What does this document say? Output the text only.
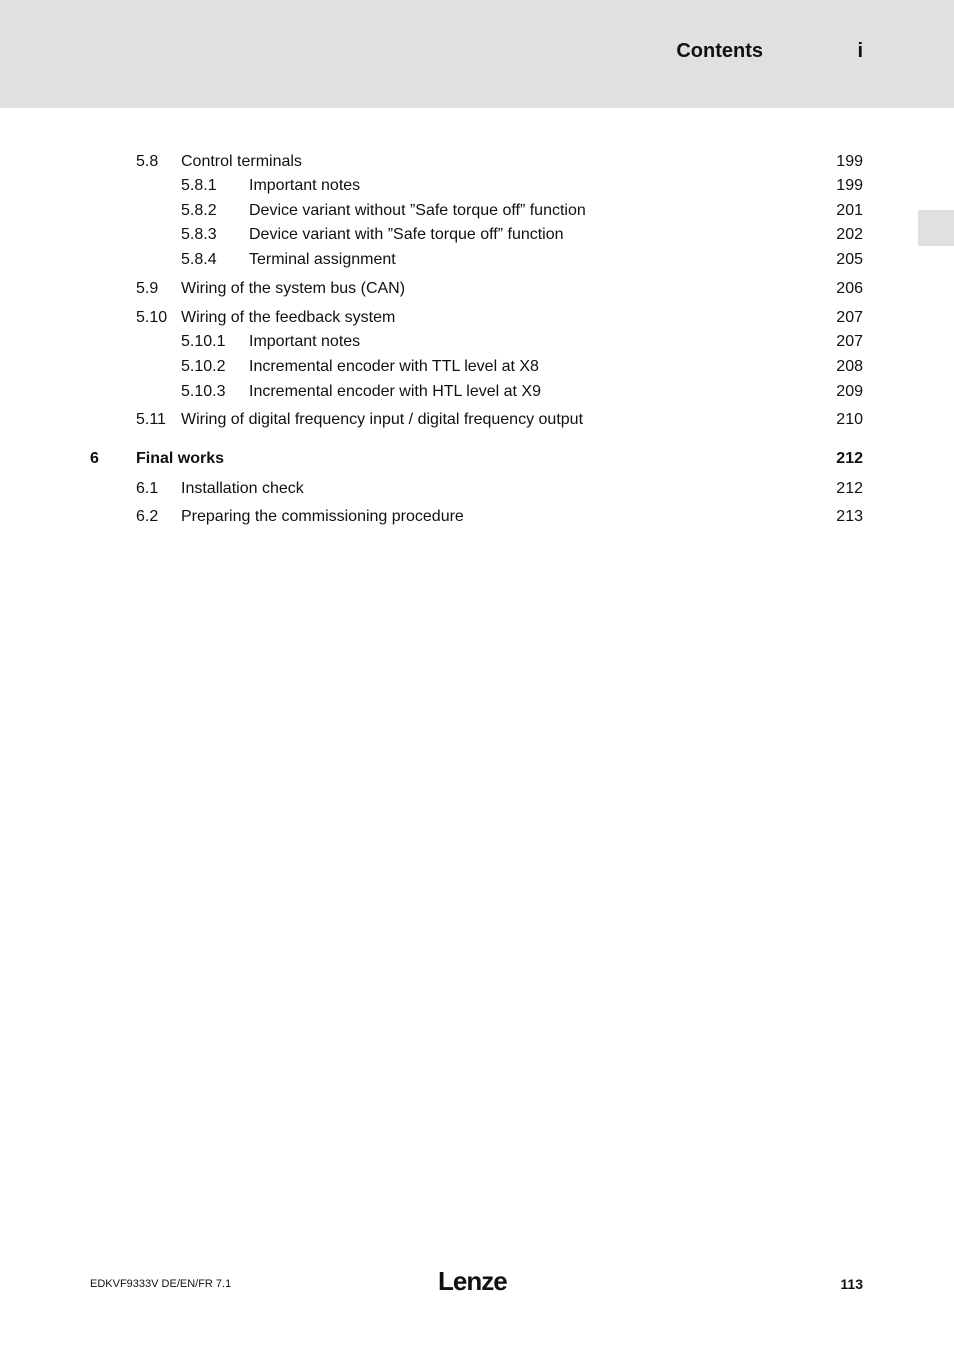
Contents	i
5.8 Control terminals	199
5.8.1 Important notes	199
5.8.2 Device variant without ”Safe torque off” function	201
5.8.3 Device variant with ”Safe torque off” function	202
5.8.4 Terminal assignment	205
5.9 Wiring of the system bus (CAN)	206
5.10 Wiring of the feedback system	207
5.10.1 Important notes	207
5.10.2 Incremental encoder with TTL level at X8	208
5.10.3 Incremental encoder with HTL level at X9	209
5.11 Wiring of digital frequency input / digital frequency output	210
6 Final works	212
6.1 Installation check	212
6.2 Preparing the commissioning procedure	213
EDKVF9333V DE/EN/FR 7.1	Lenze	113
